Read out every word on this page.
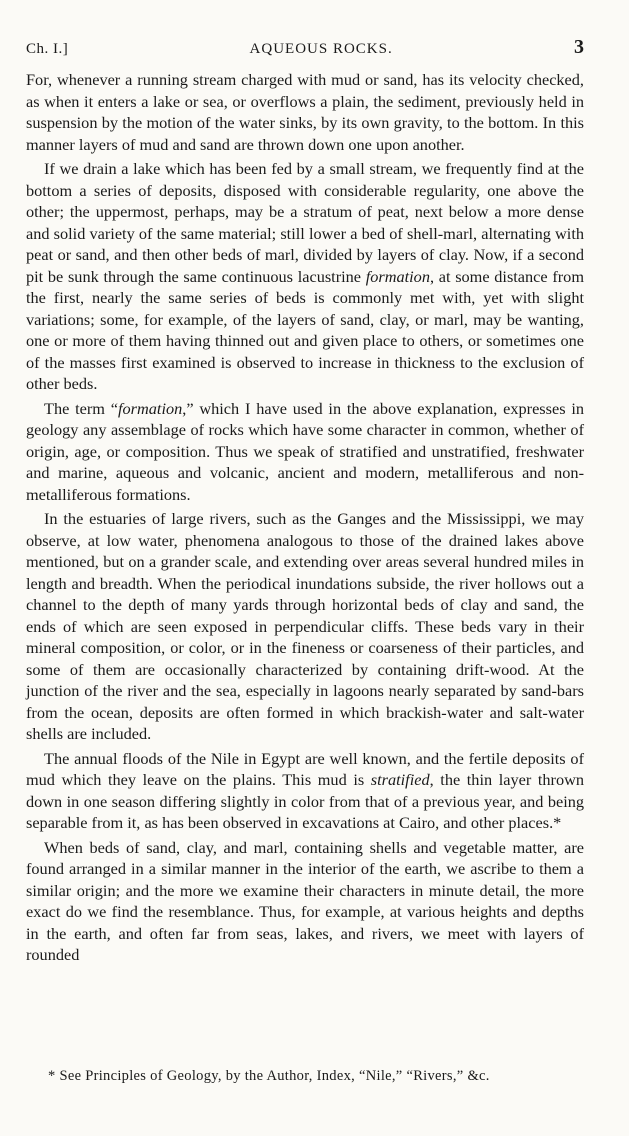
Ch. I.]	AQUEOUS ROCKS.	3

For, whenever a running stream charged with mud or sand, has its velocity checked, as when it enters a lake or sea, or overflows a plain, the sediment, previously held in suspension by the motion of the water sinks, by its own gravity, to the bottom. In this manner layers of mud and sand are thrown down one upon another.

If we drain a lake which has been fed by a small stream, we frequently find at the bottom a series of deposits, disposed with considerable regularity, one above the other; the uppermost, perhaps, may be a stratum of peat, next below a more dense and solid variety of the same material; still lower a bed of shell-marl, alternating with peat or sand, and then other beds of marl, divided by layers of clay. Now, if a second pit be sunk through the same continuous lacustrine formation, at some distance from the first, nearly the same series of beds is commonly met with, yet with slight variations; some, for example, of the layers of sand, clay, or marl, may be wanting, one or more of them having thinned out and given place to others, or sometimes one of the masses first examined is observed to increase in thickness to the exclusion of other beds.

The term “formation,” which I have used in the above explanation, expresses in geology any assemblage of rocks which have some character in common, whether of origin, age, or composition. Thus we speak of stratified and unstratified, freshwater and marine, aqueous and volcanic, ancient and modern, metalliferous and non-metalliferous formations.

In the estuaries of large rivers, such as the Ganges and the Mississippi, we may observe, at low water, phenomena analogous to those of the drained lakes above mentioned, but on a grander scale, and extending over areas several hundred miles in length and breadth. When the periodical inundations subside, the river hollows out a channel to the depth of many yards through horizontal beds of clay and sand, the ends of which are seen exposed in perpendicular cliffs. These beds vary in their mineral composition, or color, or in the fineness or coarseness of their particles, and some of them are occasionally characterized by containing drift-wood. At the junction of the river and the sea, especially in lagoons nearly separated by sand-bars from the ocean, deposits are often formed in which brackish-water and salt-water shells are included.

The annual floods of the Nile in Egypt are well known, and the fertile deposits of mud which they leave on the plains. This mud is stratified, the thin layer thrown down in one season differing slightly in color from that of a previous year, and being separable from it, as has been observed in excavations at Cairo, and other places.*

When beds of sand, clay, and marl, containing shells and vegetable matter, are found arranged in a similar manner in the interior of the earth, we ascribe to them a similar origin; and the more we examine their characters in minute detail, the more exact do we find the resemblance. Thus, for example, at various heights and depths in the earth, and often far from seas, lakes, and rivers, we meet with layers of rounded

* See Principles of Geology, by the Author, Index, “Nile,” “Rivers,” &c.
